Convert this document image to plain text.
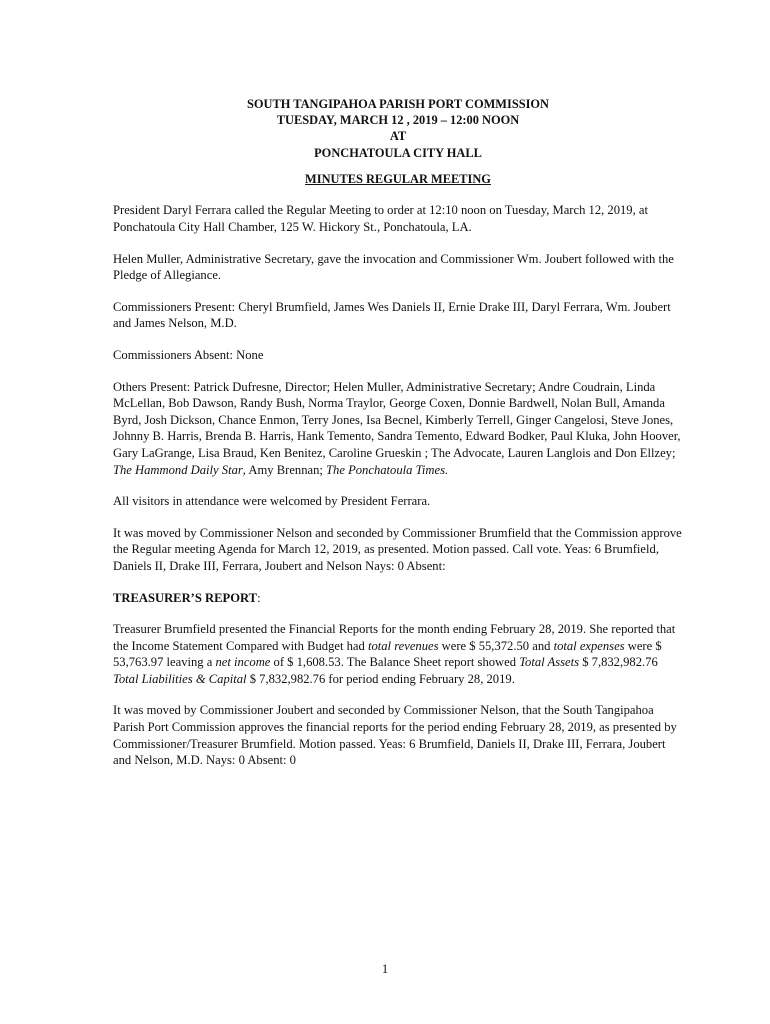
SOUTH TANGIPAHOA PARISH PORT COMMISSION

TUESDAY, MARCH 12 , 2019 – 12:00 NOON

AT

PONCHATOULA CITY HALL

MINUTES REGULAR MEETING

President Daryl Ferrara called the Regular Meeting to order at 12:10 noon on Tuesday, March 12, 2019, at Ponchatoula City Hall Chamber, 125 W. Hickory St., Ponchatoula, LA.

Helen Muller, Administrative Secretary, gave the invocation and Commissioner Wm. Joubert followed with the Pledge of Allegiance.

Commissioners Present: Cheryl Brumfield, James Wes Daniels II, Ernie Drake III, Daryl Ferrara, Wm. Joubert and James Nelson, M.D.

Commissioners Absent: None

Others Present: Patrick Dufresne, Director; Helen Muller, Administrative Secretary; Andre Coudrain, Linda McLellan, Bob Dawson, Randy Bush, Norma Traylor, George Coxen, Donnie Bardwell, Nolan Bull, Amanda Byrd, Josh Dickson, Chance Enmon, Terry Jones, Isa Becnel, Kimberly Terrell, Ginger Cangelosi, Steve Jones, Johnny B. Harris, Brenda B. Harris, Hank Temento, Sandra Temento, Edward Bodker, Paul Kluka, John Hoover, Gary LaGrange, Lisa Braud, Ken Benitez, Caroline Grueskin ; The Advocate, Lauren Langlois and Don Ellzey; The Hammond Daily Star, Amy Brennan; The Ponchatoula Times.

All visitors in attendance were welcomed by President Ferrara.

It was moved by Commissioner Nelson and seconded by Commissioner Brumfield that the Commission approve the Regular meeting Agenda for March 12, 2019, as presented. Motion passed. Call vote. Yeas: 6 Brumfield, Daniels II, Drake III, Ferrara, Joubert and Nelson Nays: 0 Absent:

TREASURER’S REPORT:

Treasurer Brumfield presented the Financial Reports for the month ending February 28, 2019. She reported that the Income Statement Compared with Budget had total revenues were $ 55,372.50 and total expenses were $ 53,763.97 leaving a net income of $ 1,608.53. The Balance Sheet report showed Total Assets $ 7,832,982.76 Total Liabilities & Capital $ 7,832,982.76 for period ending February 28, 2019.

It was moved by Commissioner Joubert and seconded by Commissioner Nelson, that the South Tangipahoa Parish Port Commission approves the financial reports for the period ending February 28, 2019, as presented by Commissioner/Treasurer Brumfield. Motion passed. Yeas: 6 Brumfield, Daniels II, Drake III, Ferrara, Joubert and Nelson, M.D. Nays: 0 Absent: 0

1
